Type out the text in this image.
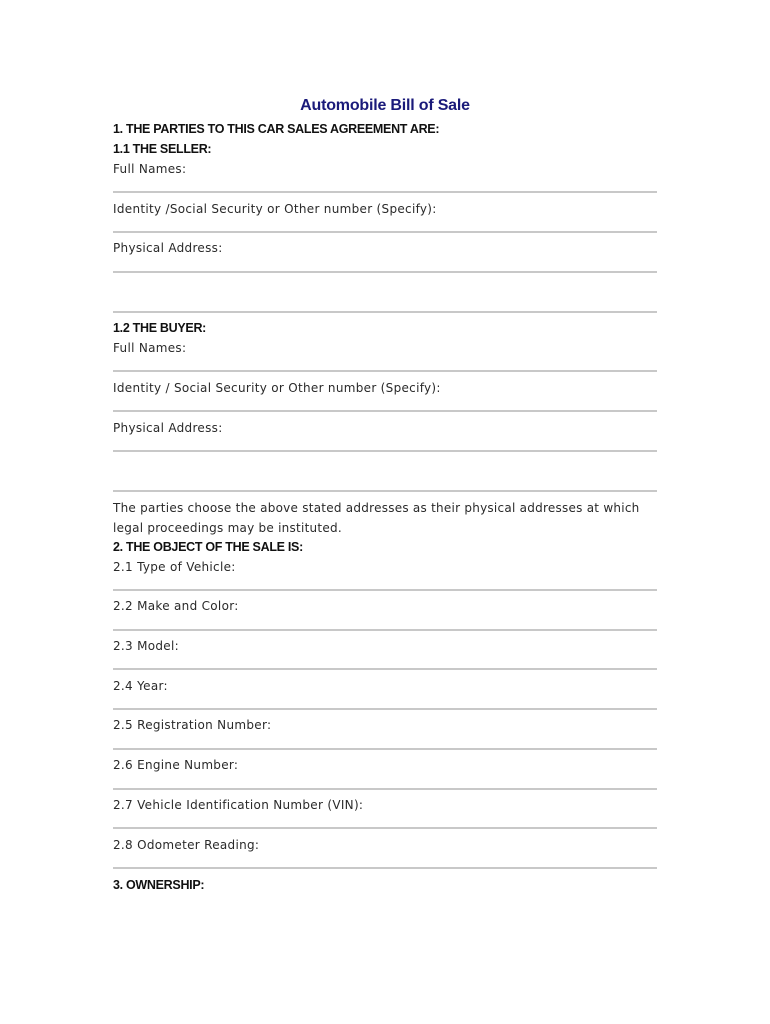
Automobile Bill of Sale
1. THE PARTIES TO THIS CAR SALES AGREEMENT ARE:
1.1 THE SELLER:
Full Names:
Identity /Social Security or Other number (Specify):
Physical Address:
1.2 THE BUYER:
Full Names:
Identity / Social Security or Other number (Specify):
Physical Address:
The parties choose the above stated addresses as their physical addresses at which legal proceedings may be instituted.
2. THE OBJECT OF THE SALE IS:
2.1 Type of Vehicle:
2.2 Make and Color:
2.3 Model:
2.4 Year:
2.5 Registration Number:
2.6 Engine Number:
2.7 Vehicle Identification Number (VIN):
2.8 Odometer Reading:
3. OWNERSHIP:
